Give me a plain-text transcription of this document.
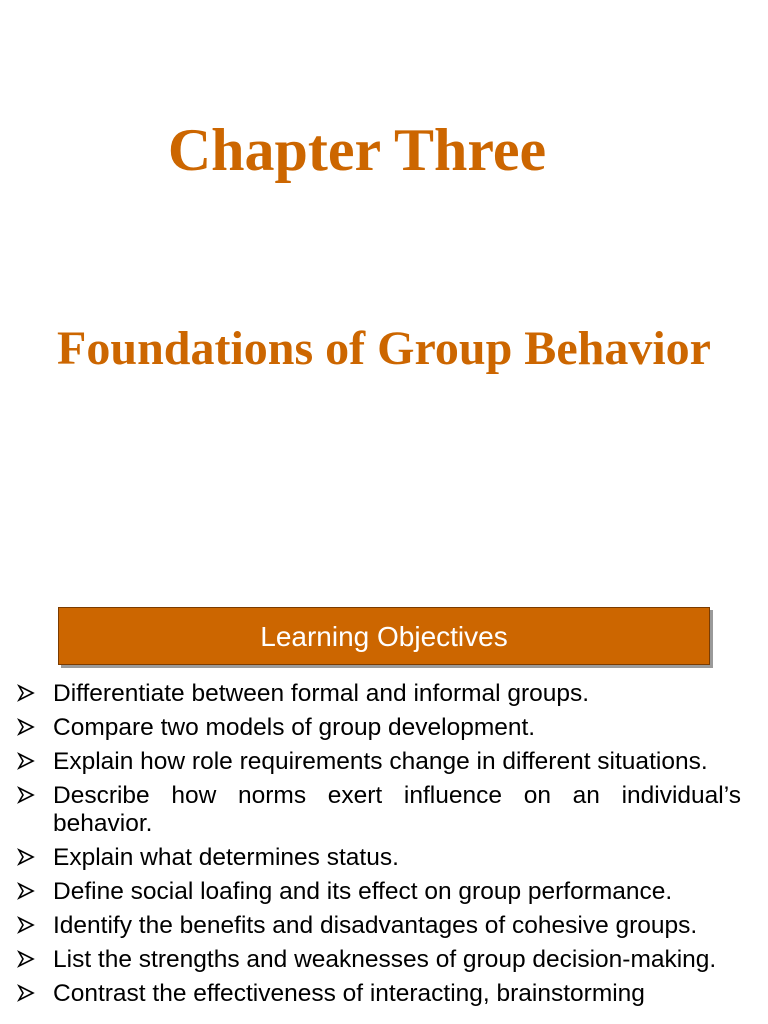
Chapter Three
Foundations of Group Behavior
Learning Objectives
Differentiate between formal and informal groups.
Compare two models of group development.
Explain how role requirements change in different situations.
Describe how norms exert influence on an individual’s behavior.
Explain what determines status.
Define social loafing and its effect on group performance.
Identify the benefits and disadvantages of cohesive groups.
List the strengths and weaknesses of group decision-making.
Contrast the effectiveness of interacting, brainstorming
